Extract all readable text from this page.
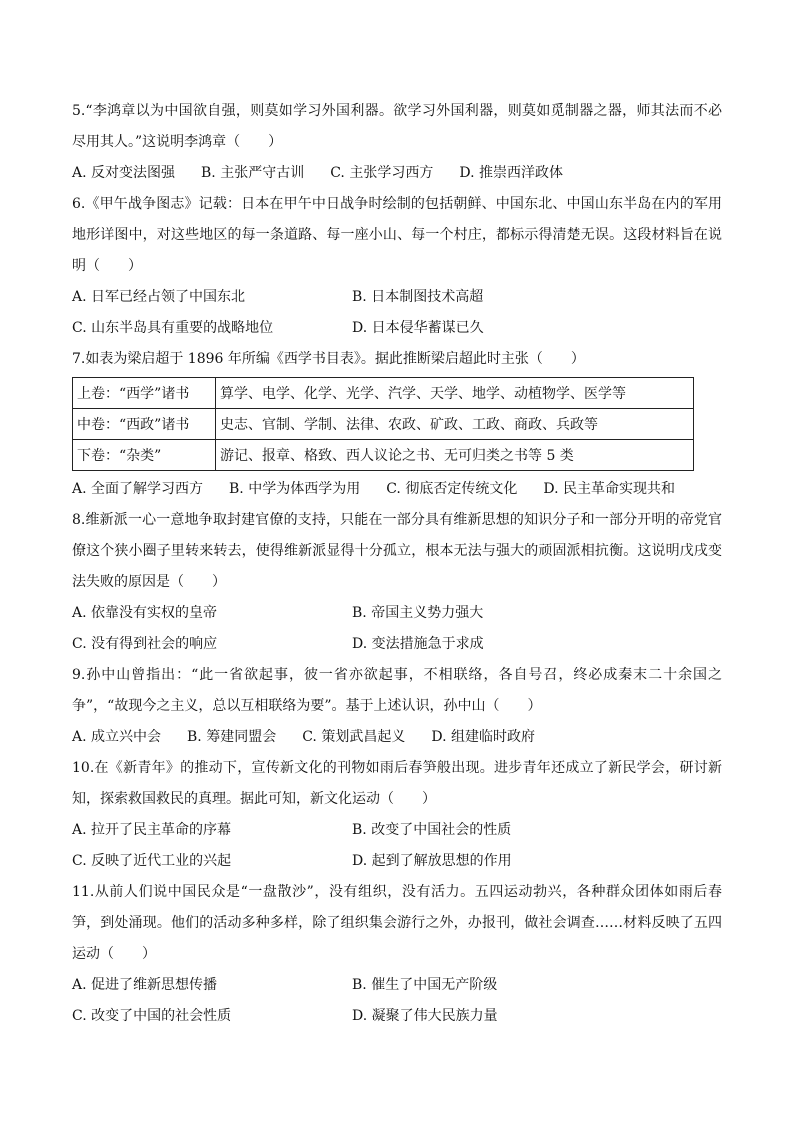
5.“李鸿章以为中国欲自强，则莫如学习外国利器。欲学习外国利器，则莫如觅制器之器，师其法而不必尽用其人。”这说明李鸿章（　　）

A. 反对变法图强 B. 主张严守古训 C. 主张学习西方 D. 推崇西洋政体

6.《甲午战争图志》记载：日本在甲午中日战争时绘制的包括朝鲜、中国东北、中国山东半岛在内的军用地形详图中，对这些地区的每一条道路、每一座小山、每一个村庄，都标示得清楚无误。这段材料旨在说明（　　）

A. 日军已经占领了中国东北	B. 日本制图技术高超
C. 山东半岛具有重要的战略地位	D. 日本侵华蓄谋已久

7.如表为梁启超于 1896 年所编《西学书目表》。据此推断梁启超此时主张（　　）

上卷：“西学”诸书	算学、电学、化学、光学、汽学、天学、地学、动植物学、医学等
中卷：“西政”诸书	史志、官制、学制、法律、农政、矿政、工政、商政、兵政等
下卷：“杂类”	游记、报章、格致、西人议论之书、无可归类之书等 5 类
A. 全面了解学习西方 B. 中学为体西学为用 C. 彻底否定传统文化 D. 民主革命实现共和

8.维新派一心一意地争取封建官僚的支持，只能在一部分具有维新思想的知识分子和一部分开明的帝党官僚这个狭小圈子里转来转去，使得维新派显得十分孤立，根本无法与强大的顽固派相抗衡。这说明戊戌变法失败的原因是（　　）

A. 依靠没有实权的皇帝	B. 帝国主义势力强大
C. 没有得到社会的响应	D. 变法措施急于求成

9.孙中山曾指出：“此一省欲起事，彼一省亦欲起事，不相联络，各自号召，终必成秦末二十余国之争”，“故现今之主义，总以互相联络为要”。基于上述认识，孙中山（　　）

A. 成立兴中会 B. 筹建同盟会 C. 策划武昌起义 D. 组建临时政府

10.在《新青年》的推动下，宣传新文化的刊物如雨后春笋般出现。进步青年还成立了新民学会，研讨新知，探索救国救民的真理。据此可知，新文化运动（　　）

A. 拉开了民主革命的序幕	B. 改变了中国社会的性质
C. 反映了近代工业的兴起	D. 起到了解放思想的作用

11.从前人们说中国民众是“一盘散沙”，没有组织，没有活力。五四运动勃兴，各种群众团体如雨后春笋，到处涌现。他们的活动多种多样，除了组织集会游行之外，办报刊，做社会调查……材料反映了五四运动（　　）

A. 促进了维新思想传播	B. 催生了中国无产阶级
C. 改变了中国的社会性质	D. 凝聚了伟大民族力量
